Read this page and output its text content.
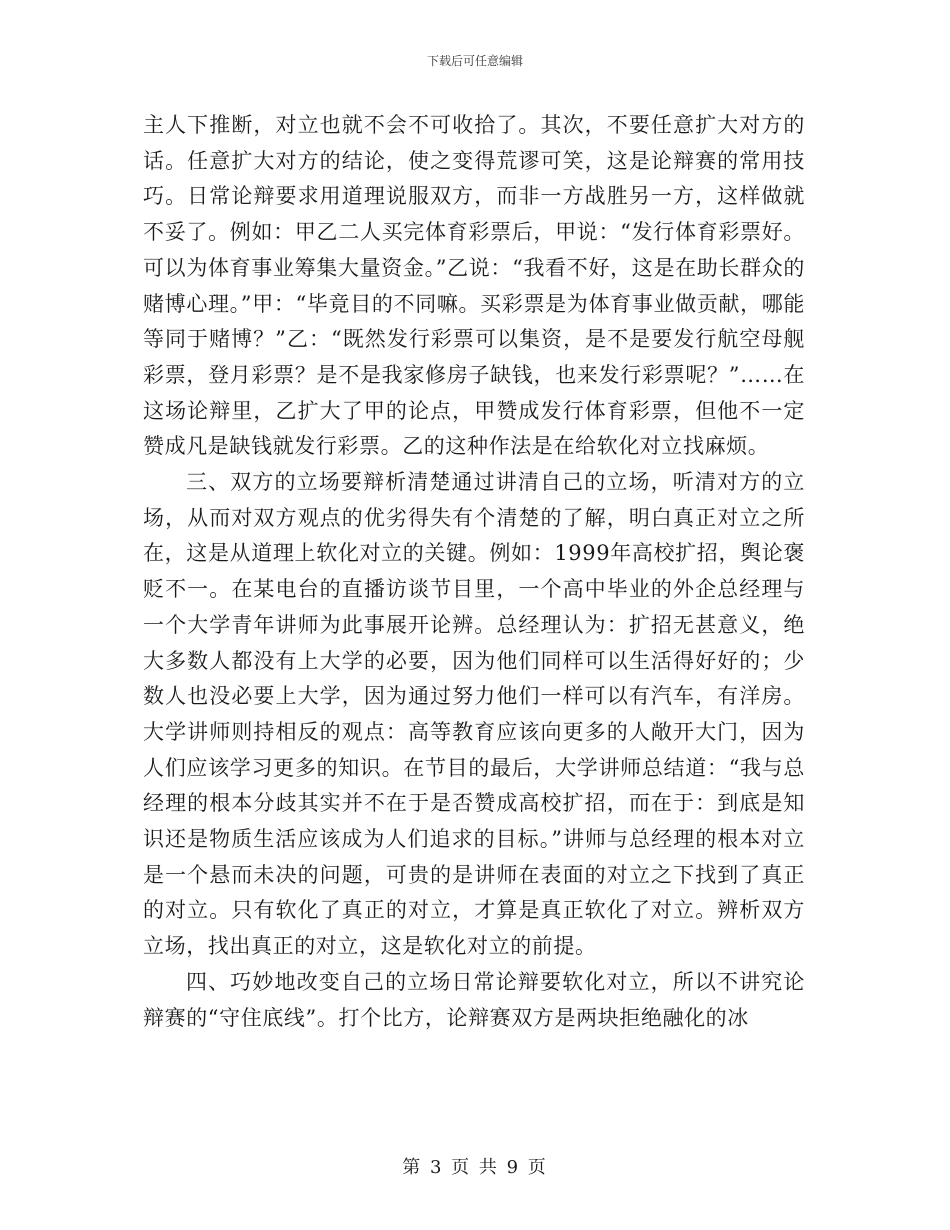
下载后可任意编辑

主人下推断，对立也就不会不可收拾了。其次，不要任意扩大对方的话。任意扩大对方的结论，使之变得荒谬可笑，这是论辩赛的常用技巧。日常论辩要求用道理说服双方，而非一方战胜另一方，这样做就不妥了。例如：甲乙二人买完体育彩票后，甲说：“发行体育彩票好。可以为体育事业筹集大量资金。”乙说：“我看不好，这是在助长群众的赌博心理。”甲：“毕竟目的不同嘛。买彩票是为体育事业做贡献，哪能等同于赌博？”乙：“既然发行彩票可以集资，是不是要发行航空母舰彩票，登月彩票？是不是我家修房子缺钱，也来发行彩票呢？”……在这场论辩里，乙扩大了甲的论点，甲赞成发行体育彩票，但他不一定赞成凡是缺钱就发行彩票。乙的这种作法是在给软化对立找麻烦。

三、双方的立场要辩析清楚通过讲清自己的立场，听清对方的立场，从而对双方观点的优劣得失有个清楚的了解，明白真正对立之所在，这是从道理上软化对立的关键。例如：1999年高校扩招，舆论褒贬不一。在某电台的直播访谈节目里，一个高中毕业的外企总经理与一个大学青年讲师为此事展开论辨。总经理认为：扩招无甚意义，绝大多数人都没有上大学的必要，因为他们同样可以生活得好好的；少数人也没必要上大学，因为通过努力他们一样可以有汽车，有洋房。大学讲师则持相反的观点：高等教育应该向更多的人敞开大门，因为人们应该学习更多的知识。在节目的最后，大学讲师总结道：“我与总经理的根本分歧其实并不在于是否赞成高校扩招，而在于：到底是知识还是物质生活应该成为人们追求的目标。”讲师与总经理的根本对立是一个悬而未决的问题，可贵的是讲师在表面的对立之下找到了真正的对立。只有软化了真正的对立，才算是真正软化了对立。辨析双方立场，找出真正的对立，这是软化对立的前提。

四、巧妙地改变自己的立场日常论辩要软化对立，所以不讲究论辩赛的“守住底线”。打个比方，论辩赛双方是两块拒绝融化的冰

第 3 页 共 9 页
